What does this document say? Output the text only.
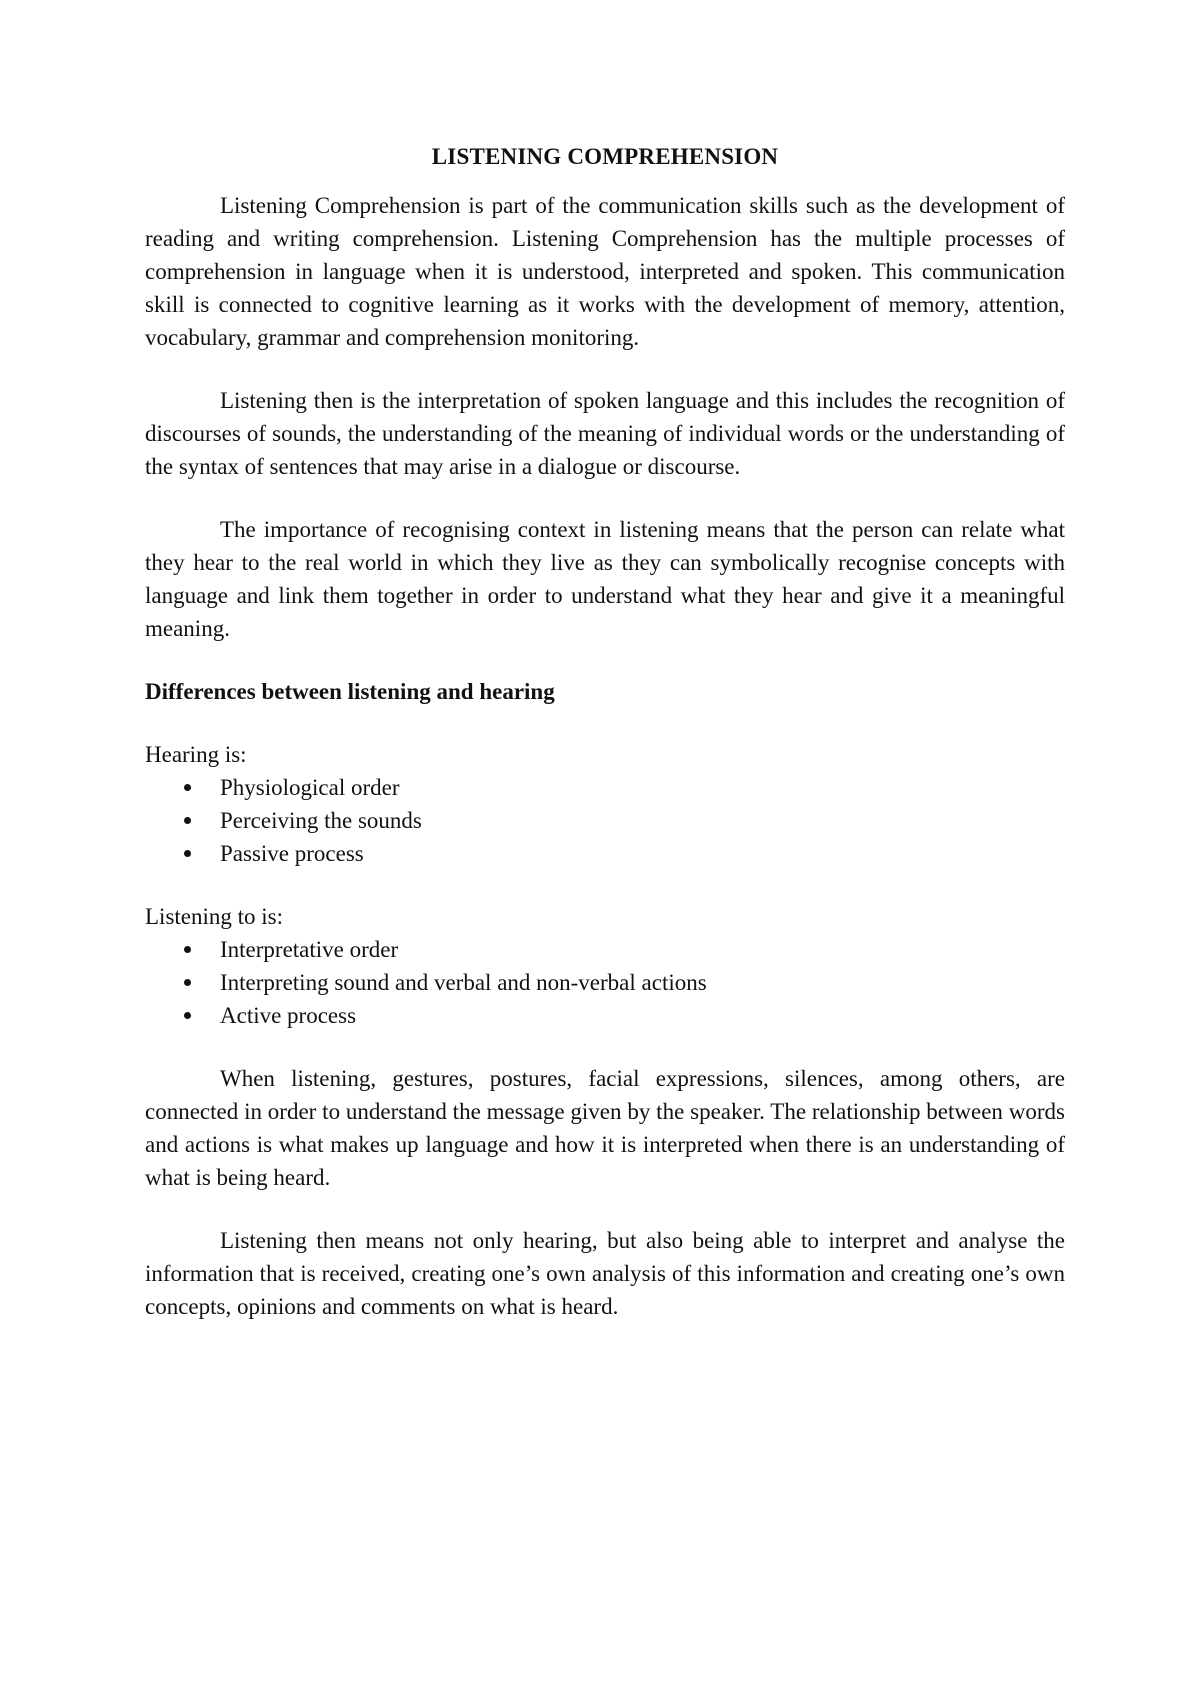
LISTENING COMPREHENSION

Listening Comprehension is part of the communication skills such as the development of reading and writing comprehension. Listening Comprehension has the multiple processes of comprehension in language when it is understood, interpreted and spoken. This communication skill is connected to cognitive learning as it works with the development of memory, attention, vocabulary, grammar and comprehension monitoring.

Listening then is the interpretation of spoken language and this includes the recognition of discourses of sounds, the understanding of the meaning of individual words or the understanding of the syntax of sentences that may arise in a dialogue or discourse.

The importance of recognising context in listening means that the person can relate what they hear to the real world in which they live as they can symbolically recognise concepts with language and link them together in order to understand what they hear and give it a meaningful meaning.

Differences between listening and hearing
Hearing is:
Physiological order
Perceiving the sounds
Passive process
Listening to is:
Interpretative order
Interpreting sound and verbal and non-verbal actions
Active process

When listening, gestures, postures, facial expressions, silences, among others, are connected in order to understand the message given by the speaker. The relationship between words and actions is what makes up language and how it is interpreted when there is an understanding of what is being heard.

Listening then means not only hearing, but also being able to interpret and analyse the information that is received, creating one’s own analysis of this information and creating one’s own concepts, opinions and comments on what is heard.
